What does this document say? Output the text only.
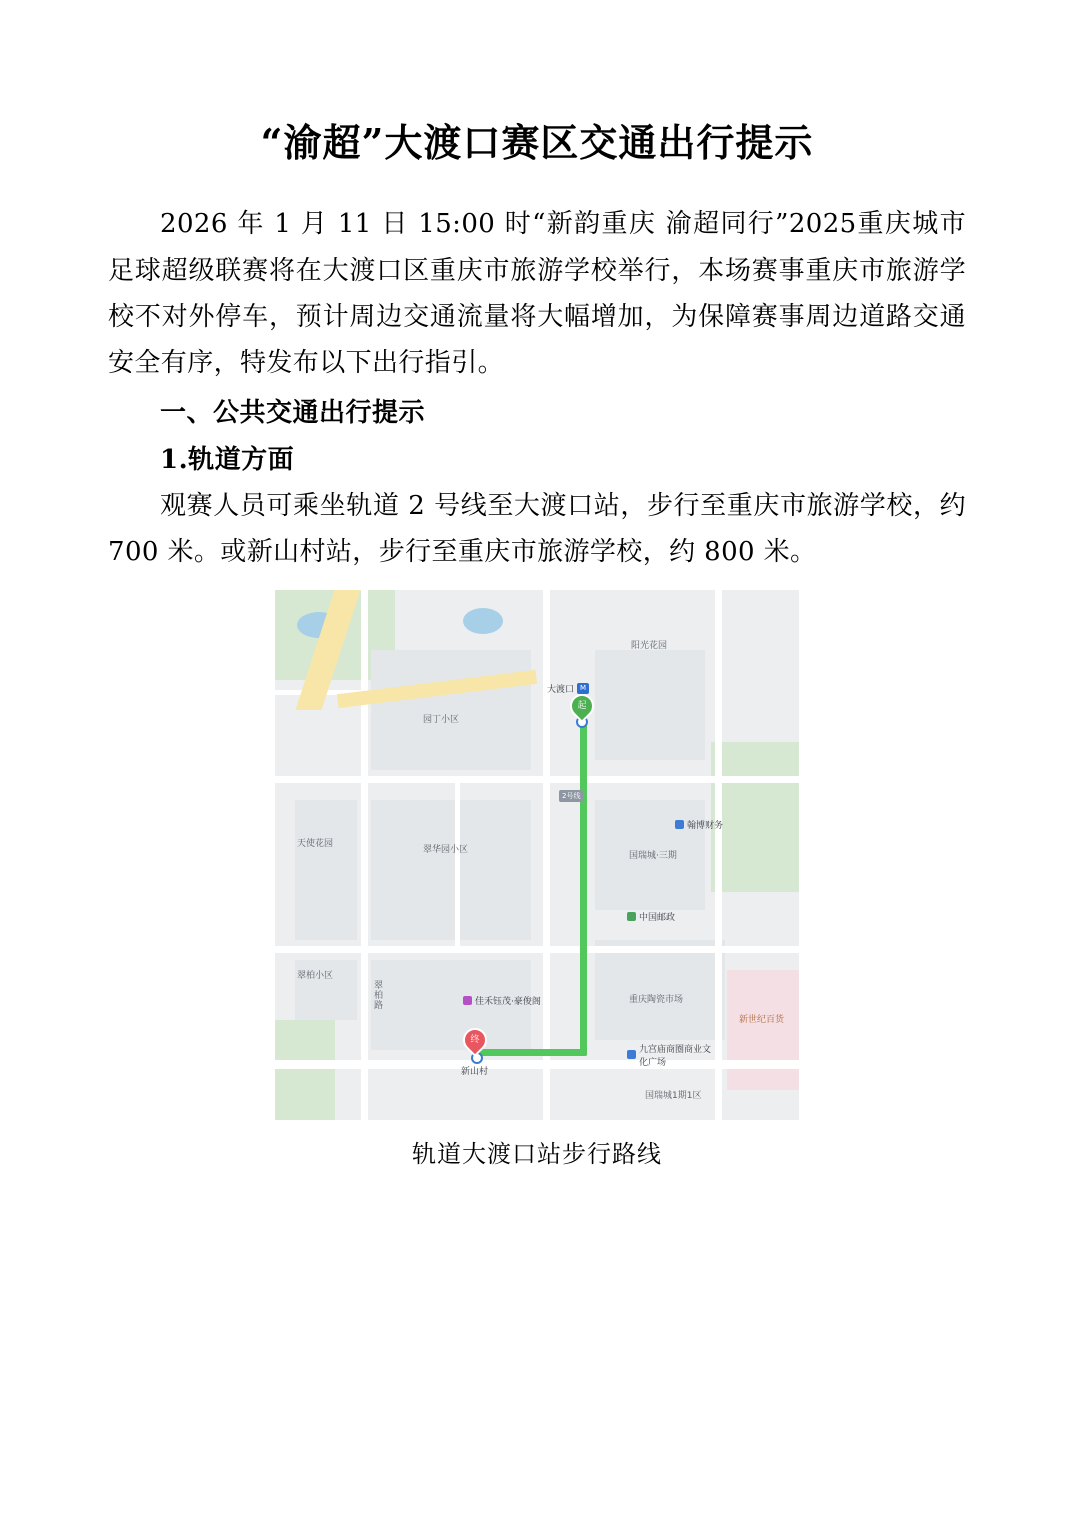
“渝超”大渡口赛区交通出行提示

2026 年 1 月 11 日 15:00 时“新韵重庆 渝超同行”2025重庆城市足球超级联赛将在大渡口区重庆市旅游学校举行，本场赛事重庆市旅游学校不对外停车，预计周边交通流量将大幅增加，为保障赛事周边道路交通安全有序，特发布以下出行指引。

一、公共交通出行提示

1.轨道方面

观赛人员可乘坐轨道 2 号线至大渡口站，步行至重庆市旅游学校，约 700 米。或新山村站，步行至重庆市旅游学校，约 800 米。

2号线
大渡口 M
新山村
起
终
阳光花园
园丁小区
天使花园
翠华园小区
翠柏小区
国瑞城·三期
重庆陶瓷市场
新世纪百货
国瑞城1期1区
翠柏路
翰博财务
中国邮政
佳禾钰茂·豪俊阁
九宫庙商圈商业文化广场
轨道大渡口站步行路线
